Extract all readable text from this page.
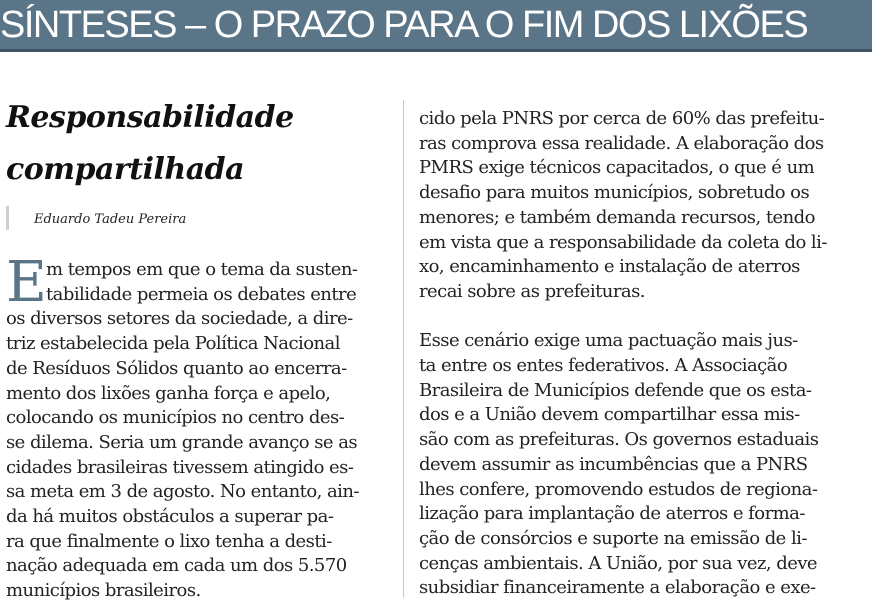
SÍNTESES – O PRAZO PARA O FIM DOS LIXÕES
Responsabilidade
compartilhada
Eduardo Tadeu Pereira
E m tempos em que o tema da susten-
tabilidade permeia os debates entre
os diversos setores da sociedade, a dire-
triz estabelecida pela Política Nacional
de Resíduos Sólidos quanto ao encerra-
mento dos lixões ganha força e apelo,
colocando os municípios no centro des-
se dilema. Seria um grande avanço se as
cidades brasileiras tivessem atingido es-
sa meta em 3 de agosto. No entanto, ain-
da há muitos obstáculos a superar pa-
ra que finalmente o lixo tenha a desti-
nação adequada em cada um dos 5.570
municípios brasileiros.
cido pela PNRS por cerca de 60% das prefeitu-
ras comprova essa realidade. A elaboração dos
PMRS exige técnicos capacitados, o que é um
desafio para muitos municípios, sobretudo os
menores; e também demanda recursos, tendo
em vista que a responsabilidade da coleta do li-
xo, encaminhamento e instalação de aterros
recai sobre as prefeituras.
Esse cenário exige uma pactuação mais jus-
ta entre os entes federativos. A Associação
Brasileira de Municípios defende que os esta-
dos e a União devem compartilhar essa mis-
são com as prefeituras. Os governos estaduais
devem assumir as incumbências que a PNRS
lhes confere, promovendo estudos de regiona-
lização para implantação de aterros e forma-
ção de consórcios e suporte na emissão de li-
cenças ambientais. A União, por sua vez, deve
subsidiar financeiramente a elaboração e exe-
